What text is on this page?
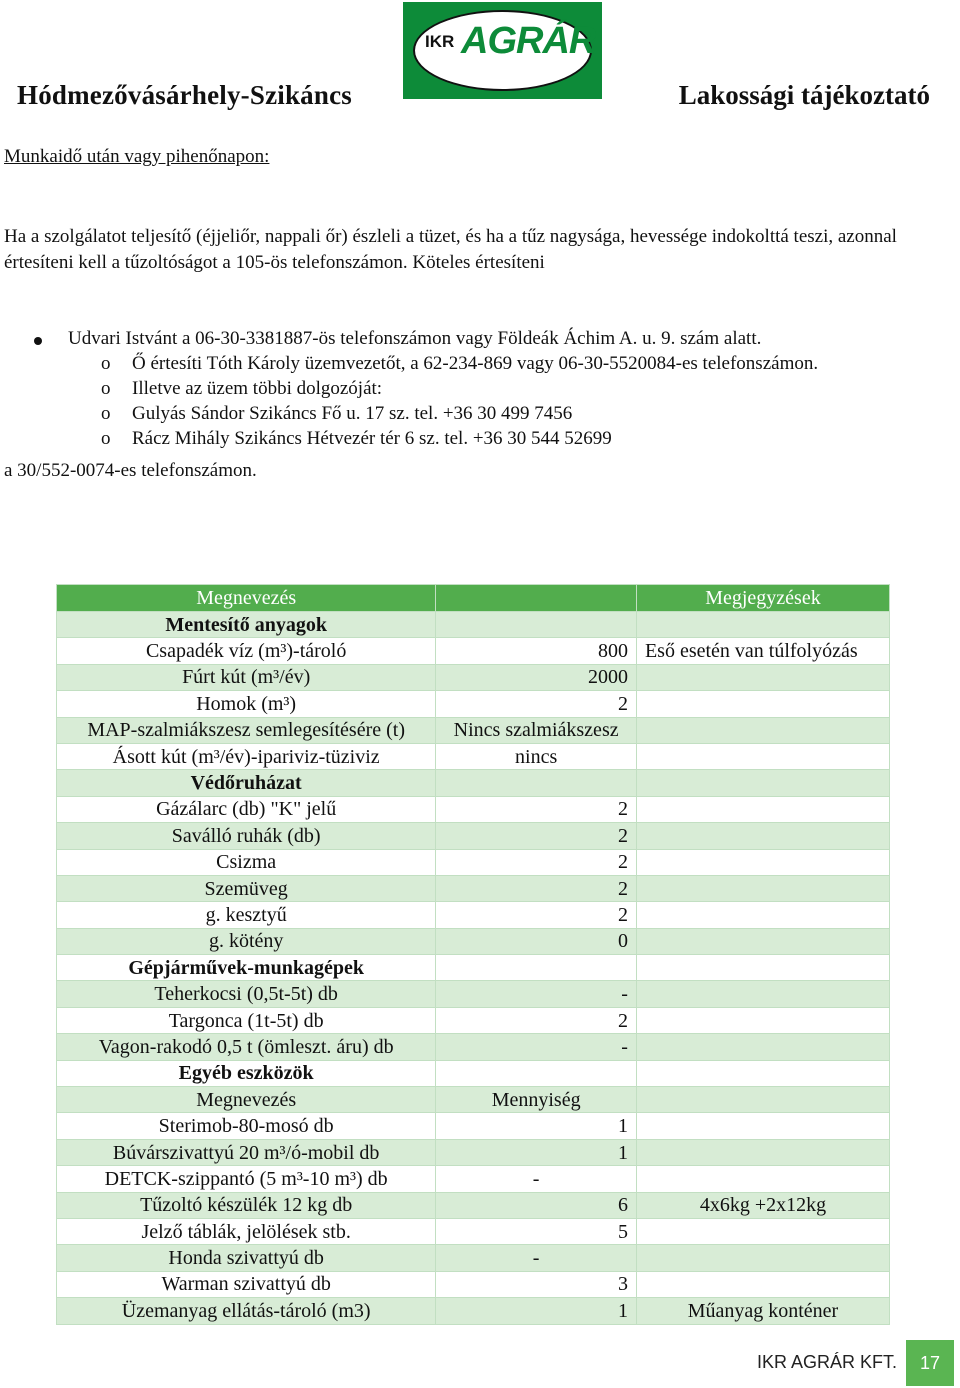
IKR AGRÁR
Hódmezővásárhely-Szikáncs	Lakossági tájékoztató
Munkaidő után vagy pihenőnapon:
Ha a szolgálatot teljesítő (éjjeliőr, nappali őr) észleli a tüzet, és ha a tűz nagysága, hevessége indokolttá teszi, azonnal értesíteni kell a tűzoltóságot a 105-ös telefonszámon. Köteles értesíteni
Udvari Istvánt a 06-30-3381887-ös telefonszámon vagy Földeák Áchim A. u. 9. szám alatt.
o Ő értesíti Tóth Károly üzemvezetőt, a 62-234-869 vagy 06-30-5520084-es telefonszámon.
o Illetve az üzem többi dolgozóját:
o Gulyás Sándor Szikáncs Fő u. 17 sz. tel. +36 30 499 7456
o Rácz Mihály Szikáncs Hétvezér tér 6 sz. tel. +36 30 544 52699
a 30/552-0074-es telefonszámon.
Megnevezés		Megjegyzések
Mentesítő anyagok		
Csapadék víz (m³)-tároló	800	Eső esetén van túlfolyózás
Fúrt kút (m³/év)	2000	
Homok (m³)	2	
MAP-szalmiákszesz semlegesítésére (t)	Nincs szalmiákszesz	
Ásott kút (m³/év)-ipariviz-tüziviz	nincs	
Védőruházat		
Gázálarc (db) "K" jelű	2	
Saválló ruhák (db)	2	
Csizma	2	
Szemüveg	2	
g. kesztyű	2	
g. kötény	0	
Gépjárművek-munkagépek		
Teherkocsi (0,5t-5t) db	-	
Targonca (1t-5t) db	2	
Vagon-rakodó 0,5 t (ömleszt. áru) db	-	
Egyéb eszközök		
Megnevezés	Mennyiség	
Sterimob-80-mosó db	1	
Búvárszivattyú 20 m³/ó-mobil db	1	
DETCK-szippantó (5 m³-10 m³) db	-	
Tűzoltó készülék 12 kg db	6	4x6kg +2x12kg
Jelző táblák, jelölések stb.	5	
Honda szivattyú db	-	
Warman szivattyú db	3	
Üzemanyag ellátás-tároló (m3)	1	Műanyag konténer
IKR AGRÁR KFT.	17
